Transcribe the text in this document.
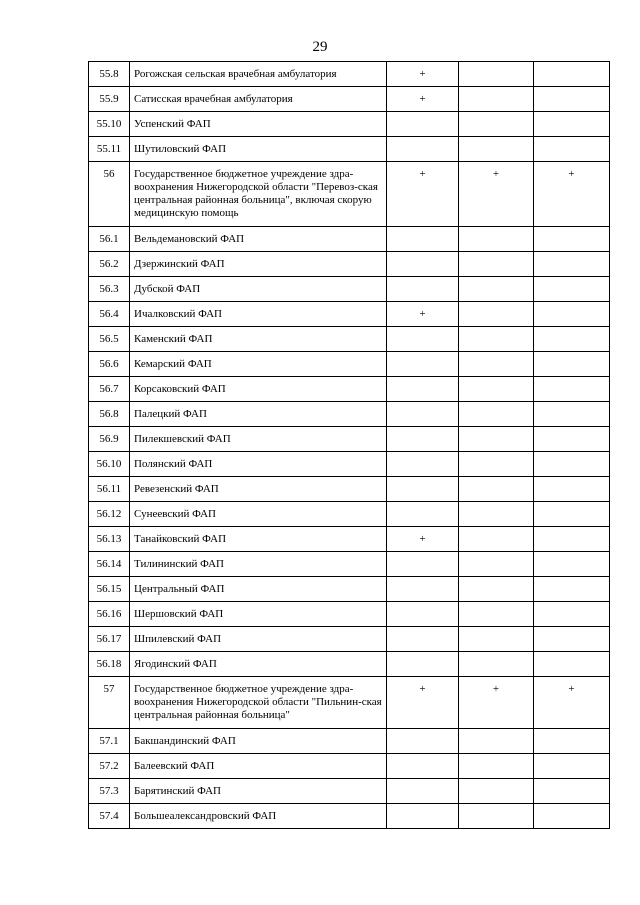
29
55.8	Рогожская сельская врачебная амбулатория	+		
55.9	Сатисская врачебная амбулатория	+		
55.10	Успенский ФАП			
55.11	Шутиловский ФАП			
56	Государственное бюджетное учреждение здра-воохранения Нижегородской области "Перевоз-ская центральная районная больница", включая скорую медицинскую помощь	+	+	+
56.1	Вельдемановский ФАП			
56.2	Дзержинский ФАП			
56.3	Дубской ФАП			
56.4	Ичалковский ФАП	+		
56.5	Каменский ФАП			
56.6	Кемарский ФАП			
56.7	Корсаковский ФАП			
56.8	Палецкий ФАП			
56.9	Пилекшевский ФАП			
56.10	Полянский ФАП			
56.11	Ревезенский ФАП			
56.12	Сунеевский ФАП			
56.13	Танайковский ФАП	+		
56.14	Тилининский ФАП			
56.15	Центральный ФАП			
56.16	Шершовский ФАП			
56.17	Шпилевский ФАП			
56.18	Ягодинский ФАП			
57	Государственное бюджетное учреждение здра-воохранения Нижегородской области "Пильнин-ская центральная районная больница"	+	+	+
57.1	Бакшандинский ФАП			
57.2	Балеевский ФАП			
57.3	Барятинский ФАП			
57.4	Большеалександровский ФАП			
